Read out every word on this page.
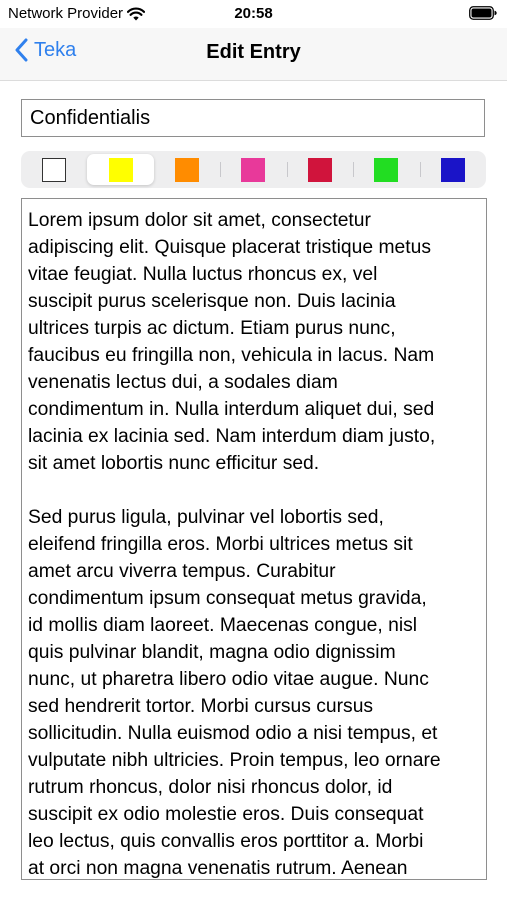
Network Provider	20:58
Teka	Edit Entry
Confidentialis

Lorem ipsum dolor sit amet, consectetur
adipiscing elit. Quisque placerat tristique metus
vitae feugiat. Nulla luctus rhoncus ex, vel
suscipit purus scelerisque non. Duis lacinia
ultrices turpis ac dictum. Etiam purus nunc,
faucibus eu fringilla non, vehicula in lacus. Nam
venenatis lectus dui, a sodales diam
condimentum in. Nulla interdum aliquet dui, sed
lacinia ex lacinia sed. Nam interdum diam justo,
sit amet lobortis nunc efficitur sed.

Sed purus ligula, pulvinar vel lobortis sed,
eleifend fringilla eros. Morbi ultrices metus sit
amet arcu viverra tempus. Curabitur
condimentum ipsum consequat metus gravida,
id mollis diam laoreet. Maecenas congue, nisl
quis pulvinar blandit, magna odio dignissim
nunc, ut pharetra libero odio vitae augue. Nunc
sed hendrerit tortor. Morbi cursus cursus
sollicitudin. Nulla euismod odio a nisi tempus, et
vulputate nibh ultricies. Proin tempus, leo ornare
rutrum rhoncus, dolor nisi rhoncus dolor, id
suscipit ex odio molestie eros. Duis consequat
leo lectus, quis convallis eros porttitor a. Morbi
at orci non magna venenatis rutrum. Aenean
